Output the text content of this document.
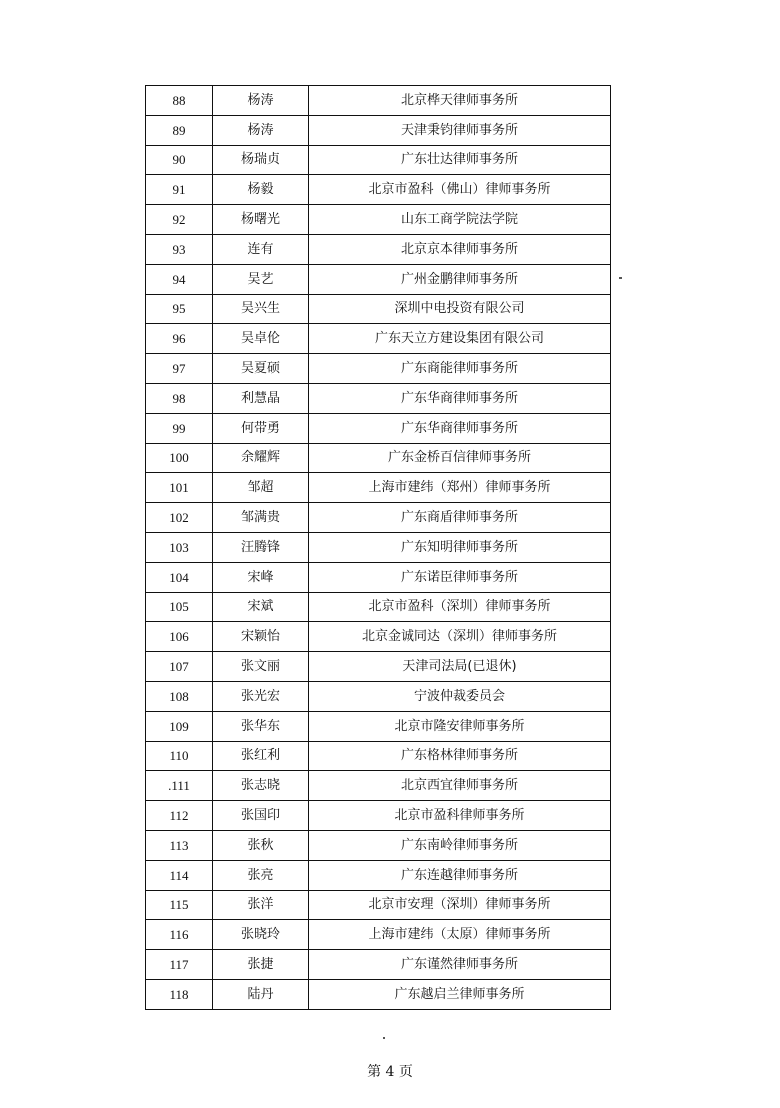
88	杨涛	北京桦天律师事务所
89	杨涛	天津秉钧律师事务所
90	杨瑞贞	广东壮达律师事务所
91	杨毅	北京市盈科（佛山）律师事务所
92	杨曙光	山东工商学院法学院
93	连有	北京京本律师事务所
94	吴艺	广州金鹏律师事务所
95	吴兴生	深圳中电投资有限公司
96	吴卓伦	广东天立方建设集团有限公司
97	吴夏硕	广东商能律师事务所
98	利慧晶	广东华商律师事务所
99	何带勇	广东华商律师事务所
100	余耀辉	广东金桥百信律师事务所
101	邹超	上海市建纬（郑州）律师事务所
102	邹满贵	广东商盾律师事务所
103	汪腾锋	广东知明律师事务所
104	宋峰	广东诺臣律师事务所
105	宋斌	北京市盈科（深圳）律师事务所
106	宋颖怡	北京金诚同达（深圳）律师事务所
107	张文丽	天津司法局(已退休)
108	张光宏	宁波仲裁委员会
109	张华东	北京市隆安律师事务所
110	张红利	广东格林律师事务所
.111	张志晓	北京西宜律师事务所
112	张国印	北京市盈科律师事务所
113	张秋	广东南岭律师事务所
114	张亮	广东连越律师事务所
115	张洋	北京市安理（深圳）律师事务所
116	张晓玲	上海市建纬（太原）律师事务所
117	张捷	广东谨然律师事务所
118	陆丹	广东越启兰律师事务所
第 4 页
